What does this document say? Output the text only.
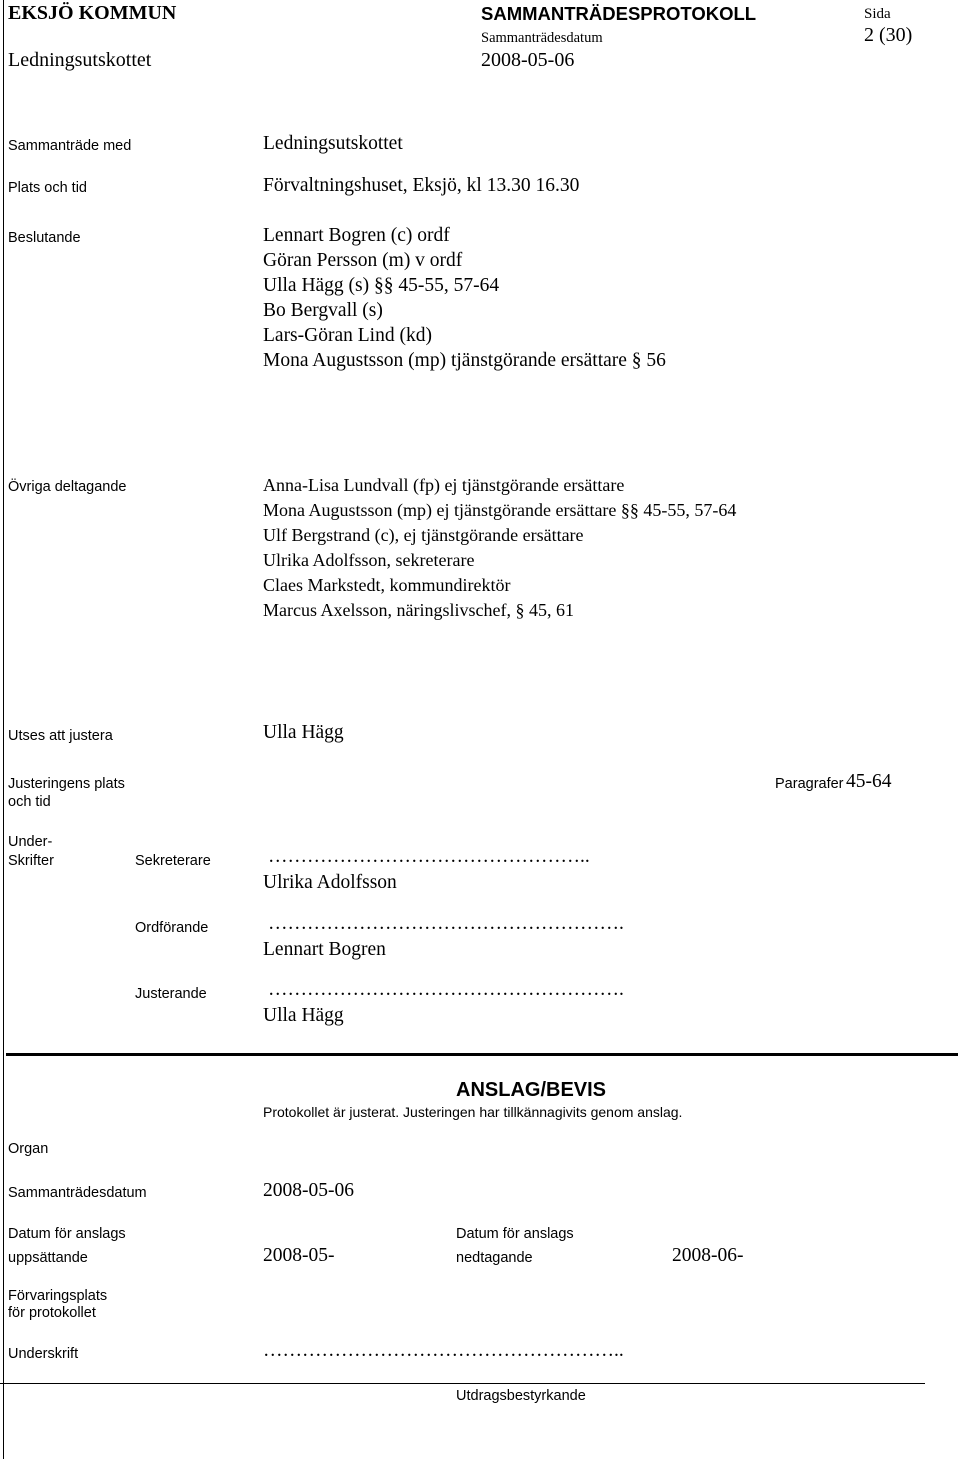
EKSJÖ KOMMUN	SAMMANTRÄDESPROTOKOLL	Sida
Ledningsutskottet
Sammanträdesdatum
2008-05-06
2 (30)
Sammanträde med	Ledningsutskottet
Plats och tid	Förvaltningshuset, Eksjö, kl 13.30 16.30
Beslutande	Lennart Bogren (c) ordf
Göran Persson (m) v ordf
Ulla Hägg (s) §§ 45-55, 57-64
Bo Bergvall (s)
Lars-Göran Lind (kd)
Mona Augustsson (mp) tjänstgörande ersättare § 56
Övriga deltagande	Anna-Lisa Lundvall (fp) ej tjänstgörande ersättare
Mona Augustsson (mp) ej tjänstgörande ersättare §§ 45-55, 57-64
Ulf Bergstrand (c), ej tjänstgörande ersättare
Ulrika Adolfsson, sekreterare
Claes Markstedt, kommundirektör
Marcus Axelsson, näringslivschef, § 45, 61
Utses att justera	Ulla Hägg
Justeringens plats
och tid
Paragrafer 45-64
Under-
Skrifter	Sekreterare	…………………………………………..
Ulrika Adolfsson
Ordförande	……………………………………………….
Lennart Bogren
Justerande	……………………………………………….
Ulla Hägg
ANSLAG/BEVIS
Protokollet är justerat. Justeringen har tillkännagivits genom anslag.
Organ
Sammanträdesdatum	2008-05-06
Datum för anslags
uppsättande	2008-05-
Datum för anslags
nedtagande	2008-06-
Förvaringsplats
för protokollet
Underskrift	………………………………………………..
Utdragsbestyrkande
